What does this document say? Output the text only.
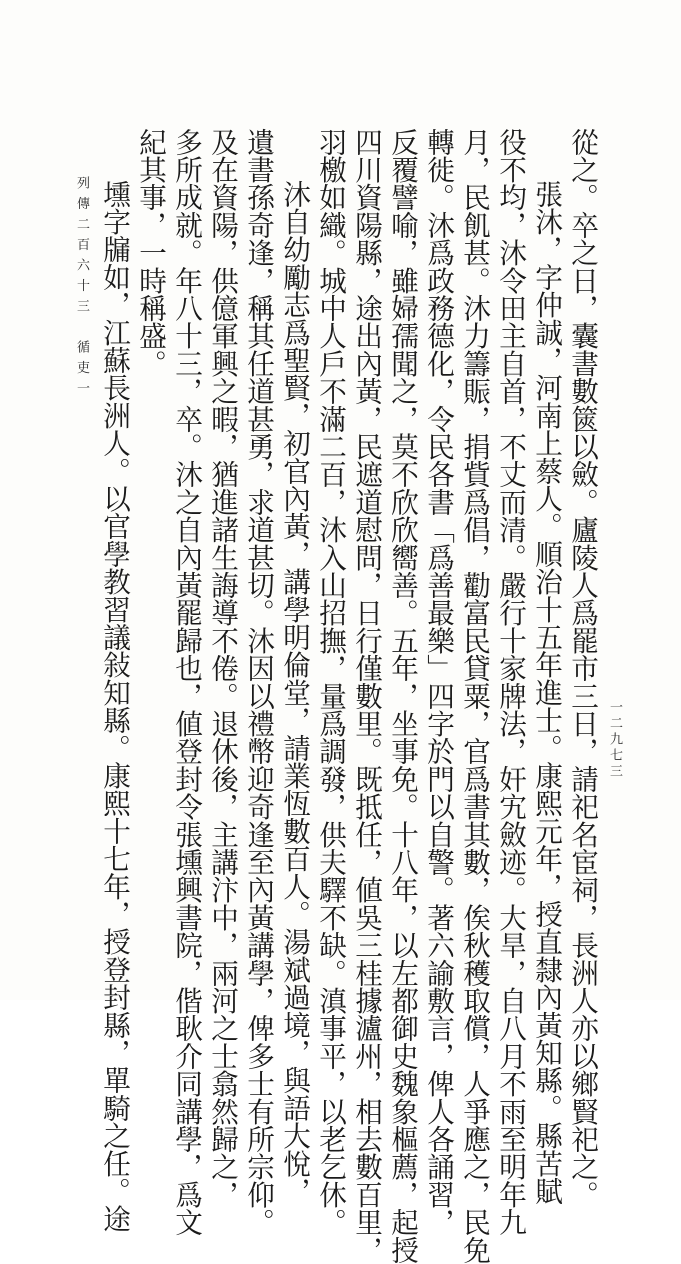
從之。卒之日，囊書數篋以斂。廬陵人爲罷市三日，請祀名宦祠，長洲人亦以鄉賢祀之。
張沐，字仲誠，河南上蔡人。順治十五年進士。康熙元年，授直隸內黃知縣。縣苦賦
役不均，沐令田主自首，不丈而清。嚴行十家牌法，奸宄斂迹。大旱，自八月不雨至明年九
月，民飢甚。沐力籌賑，捐貲爲倡，勸富民貸粟，官爲書其數，俟秋穫取償，人爭應之，民免
轉徙。沐爲政務德化，令民各書「爲善最樂」四字於門以自警。著六諭敷言，俾人各誦習，
反覆譬喻，雖婦孺聞之，莫不欣欣嚮善。五年，坐事免。十八年，以左都御史魏象樞薦，起授
四川資陽縣，途出內黃，民遮道慰問，日行僅數里。既抵任，値吳三桂據瀘州，相去數百里，
羽檄如織。城中人戶不滿二百，沐入山招撫，量爲調發，供夫驛不缺。滇事平，以老乞休。
沐自幼勵志爲聖賢，初官內黃，講學明倫堂，請業恆數百人。湯斌過境，與語大悅，
遺書孫奇逢，稱其任道甚勇，求道甚切。沐因以禮幣迎奇逢至內黃講學，俾多士有所宗仰。
及在資陽，供億軍興之暇，猶進諸生誨導不倦。退休後，主講汴中，兩河之士翕然歸之，
多所成就。年八十三，卒。沐之自內黃罷歸也，値登封令張壎興書院，偕耿介同講學，爲文
紀其事，一時稱盛。
壎字牖如，江蘇長洲人。以官學教習議敍知縣。康熙十七年，授登封縣，單騎之任。途
列傳二百六十三　循吏一
一二九七三
